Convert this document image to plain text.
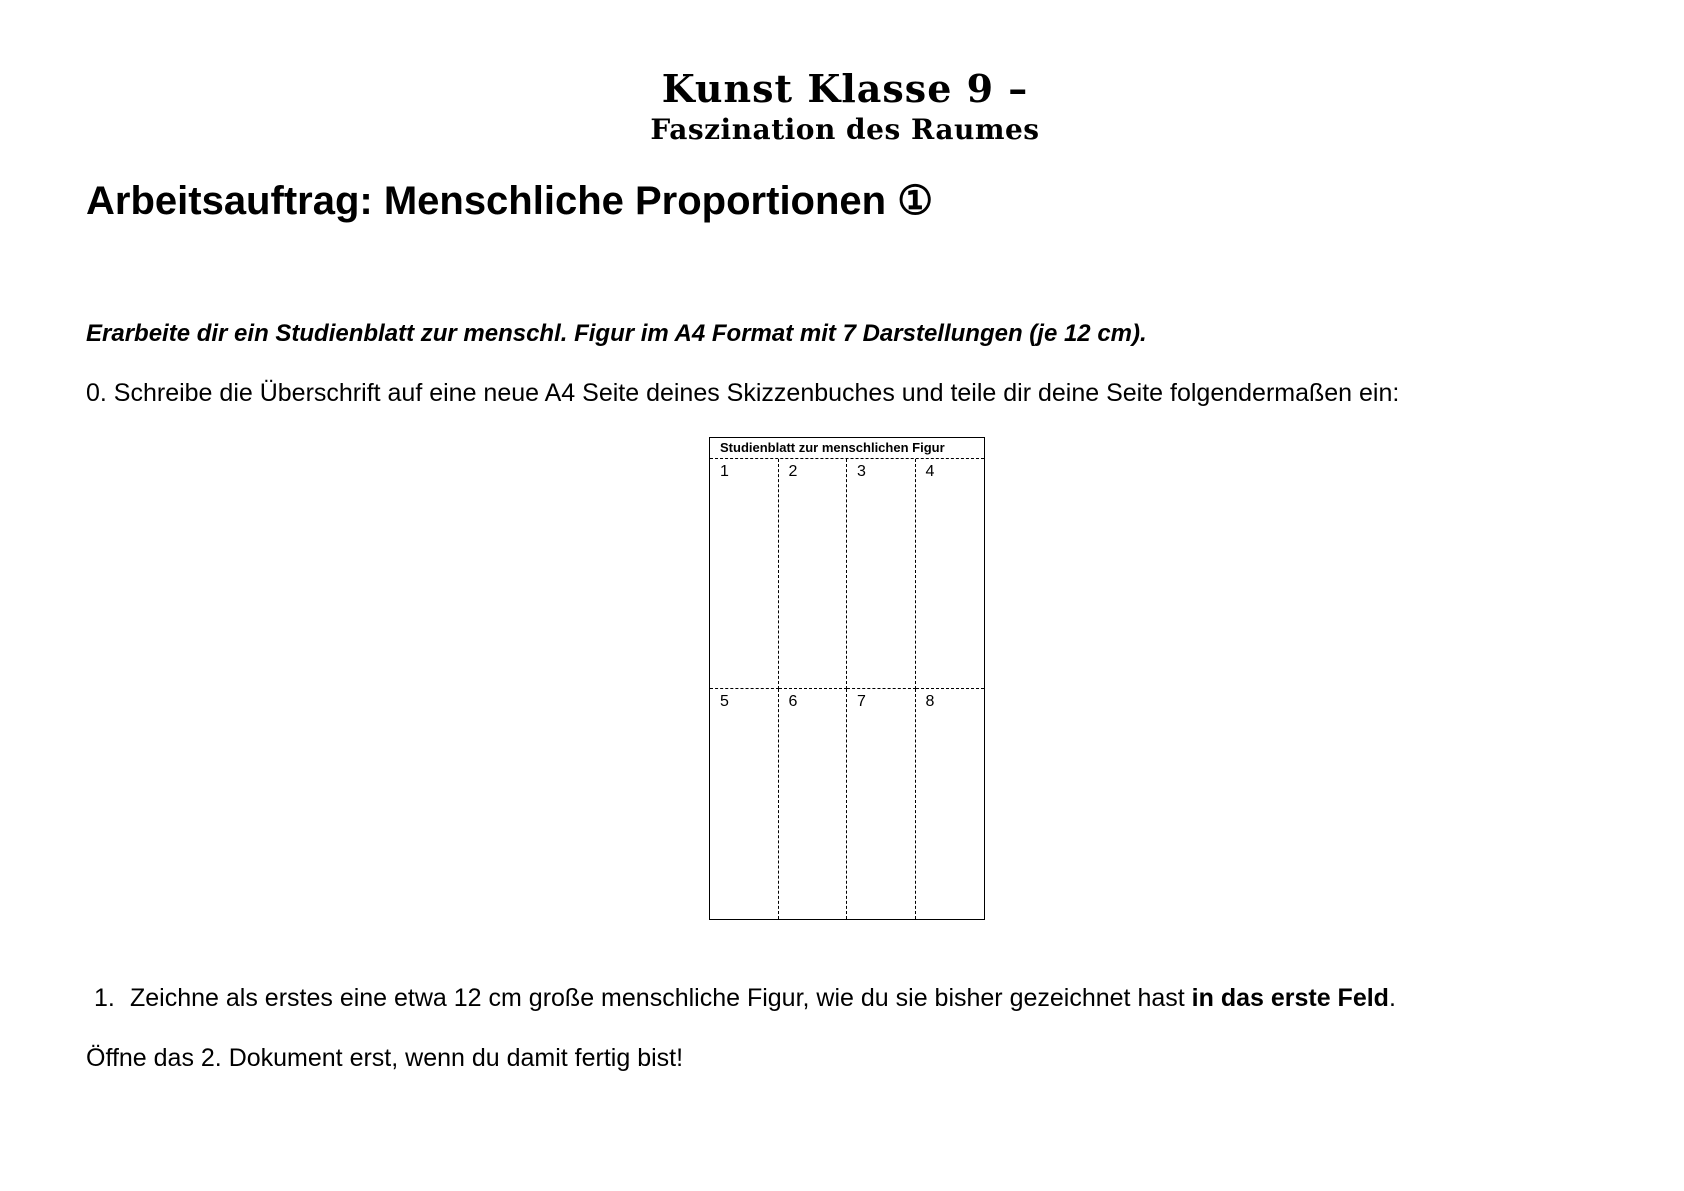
Kunst Klasse 9 –
Faszination des Raumes
Arbeitsauftrag: Menschliche Proportionen ①
Erarbeite dir ein Studienblatt zur menschl. Figur im A4 Format mit 7 Darstellungen (je 12 cm).
0. Schreibe die Überschrift auf eine neue A4 Seite deines Skizzenbuches und teile dir deine Seite folgendermaßen ein:
Studienblatt zur menschlichen Figur
1	2	3	4
5	6	7	8
1. Zeichne als erstes eine etwa 12 cm große menschliche Figur, wie du sie bisher gezeichnet hast in das erste Feld.
Öffne das 2. Dokument erst, wenn du damit fertig bist!
